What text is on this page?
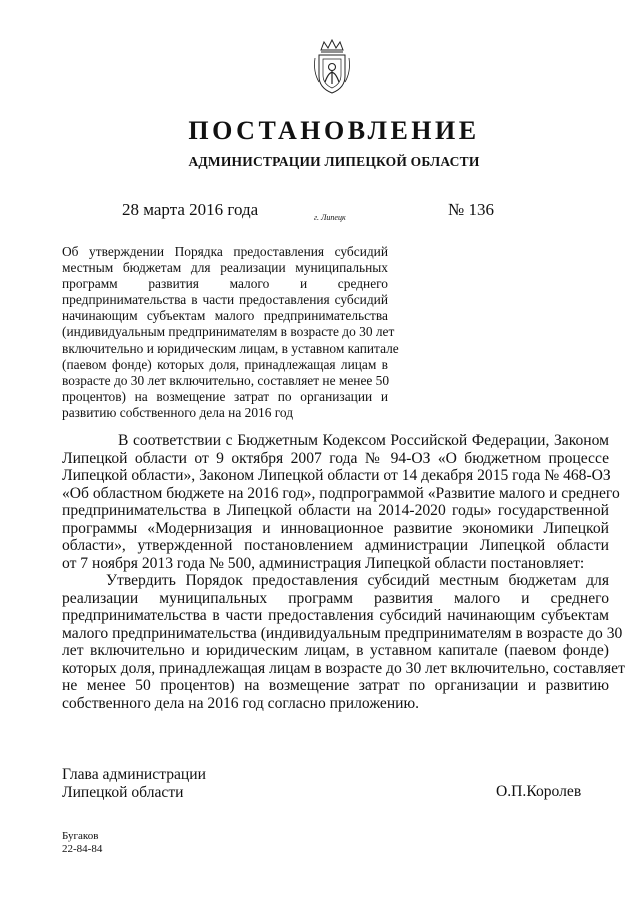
ПОСТАНОВЛЕНИЕ
АДМИНИСТРАЦИИ ЛИПЕЦКОЙ ОБЛАСТИ
28 марта 2016 года	г. Липецк	№ 136
Об утверждении Порядка предоставления субсидий
местным бюджетам для реализации муниципальных
программ развития малого и среднего
предпринимательства в части предоставления субсидий
начинающим субъектам малого предпринимательства
(индивидуальным предпринимателям в возрасте до 30 лет
включительно и юридическим лицам, в уставном капитале
(паевом фонде) которых доля, принадлежащая лицам в
возрасте до 30 лет включительно, составляет не менее 50
процентов) на возмещение затрат по организации и
развитию собственного дела на 2016 год
В соответствии с Бюджетным Кодексом Российской Федерации, Законом
Липецкой области от 9 октября 2007 года № 94-ОЗ «О бюджетном процессе
Липецкой области», Законом Липецкой области от 14 декабря 2015 года № 468-ОЗ
«Об областном бюджете на 2016 год», подпрограммой «Развитие малого и среднего
предпринимательства в Липецкой области на 2014-2020 годы» государственной
программы «Модернизация и инновационное развитие экономики Липецкой
области», утвержденной постановлением администрации Липецкой области
от 7 ноября 2013 года № 500, администрация Липецкой области постановляет:
Утвердить Порядок предоставления субсидий местным бюджетам для
реализации муниципальных программ развития малого и среднего
предпринимательства в части предоставления субсидий начинающим субъектам
малого предпринимательства (индивидуальным предпринимателям в возрасте до 30
лет включительно и юридическим лицам, в уставном капитале (паевом фонде)
которых доля, принадлежащая лицам в возрасте до 30 лет включительно, составляет
не менее 50 процентов) на возмещение затрат по организации и развитию
собственного дела на 2016 год согласно приложению.
Глава администрации
Липецкой области	О.П.Королев
Бугаков
22-84-84
